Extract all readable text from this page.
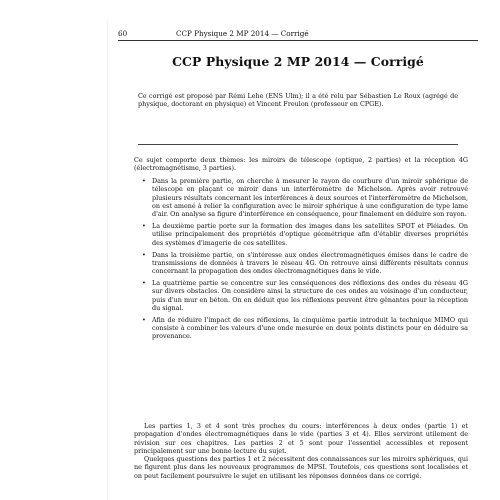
60	CCP Physique 2 MP 2014 — Corrigé
CCP Physique 2 MP 2014 — Corrigé
Ce corrigé est proposé par Rémi Lehe (ENS Ulm); il a été relu par Sébastien Le Roux (agrégé de physique, doctorant en physique) et Vincent Freulon (professeur en CPGE).
Ce sujet comporte deux thèmes: les miroirs de télescope (optique, 2 parties) et la réception 4G (électromagnétisme, 3 parties).
• Dans la première partie, on cherche à mesurer le rayon de courbure d'un miroir sphérique de télescope en plaçant ce miroir dans un interféromètre de Michelson. Après avoir retrouvé plusieurs résultats concernant les interférences à deux sources et l'interféromètre de Michelson, on est amené à relier la configuration avec le miroir sphérique à une configuration de type lame d'air. On analyse sa figure d'interférence en conséquence, pour finalement en déduire son rayon.
• La deuxième partie porte sur la formation des images dans les satellites SPOT et Pléiades. On utilise principalement des propriétés d'optique géométrique afin d'établir diverses propriétés des systèmes d'imagerie de ces satellites.
• Dans la troisième partie, on s'intéresse aux ondes électromagnétiques émises dans le cadre de transmissions de données à travers le réseau 4G. On retrouve ainsi différents résultats connus concernant la propagation des ondes électromagnétiques dans le vide.
• La quatrième partie se concentre sur les conséquences des réflexions des ondes du réseau 4G sur divers obstacles. On considère ainsi la structure de ces ondes au voisinage d'un conducteur, puis d'un mur en béton. On en déduit que les réflexions peuvent être gênantes pour la réception du signal.
• Afin de réduire l'impact de ces réflexions, la cinquième partie introduit la technique MIMO qui consiste à combiner les valeurs d'une onde mesurée en deux points distincts pour en déduire sa provenance.

Les parties 1, 3 et 4 sont très proches du cours: interférences à deux ondes (partie 1) et propagation d'ondes électromagnétiques dans le vide (parties 3 et 4). Elles serviront utilement de révision sur ces chapitres. Les parties 2 et 5 sont pour l'essentiel accessibles et reposent principalement sur une bonne lecture du sujet.

Quelques questions des parties 1 et 2 nécessitent des connaissances sur les miroirs sphériques, qui ne figurent plus dans les nouveaux programmes de MPSI. Toutefois, ces questions sont localisées et on peut facilement poursuivre le sujet en utilisant les réponses données dans ce corrigé.
